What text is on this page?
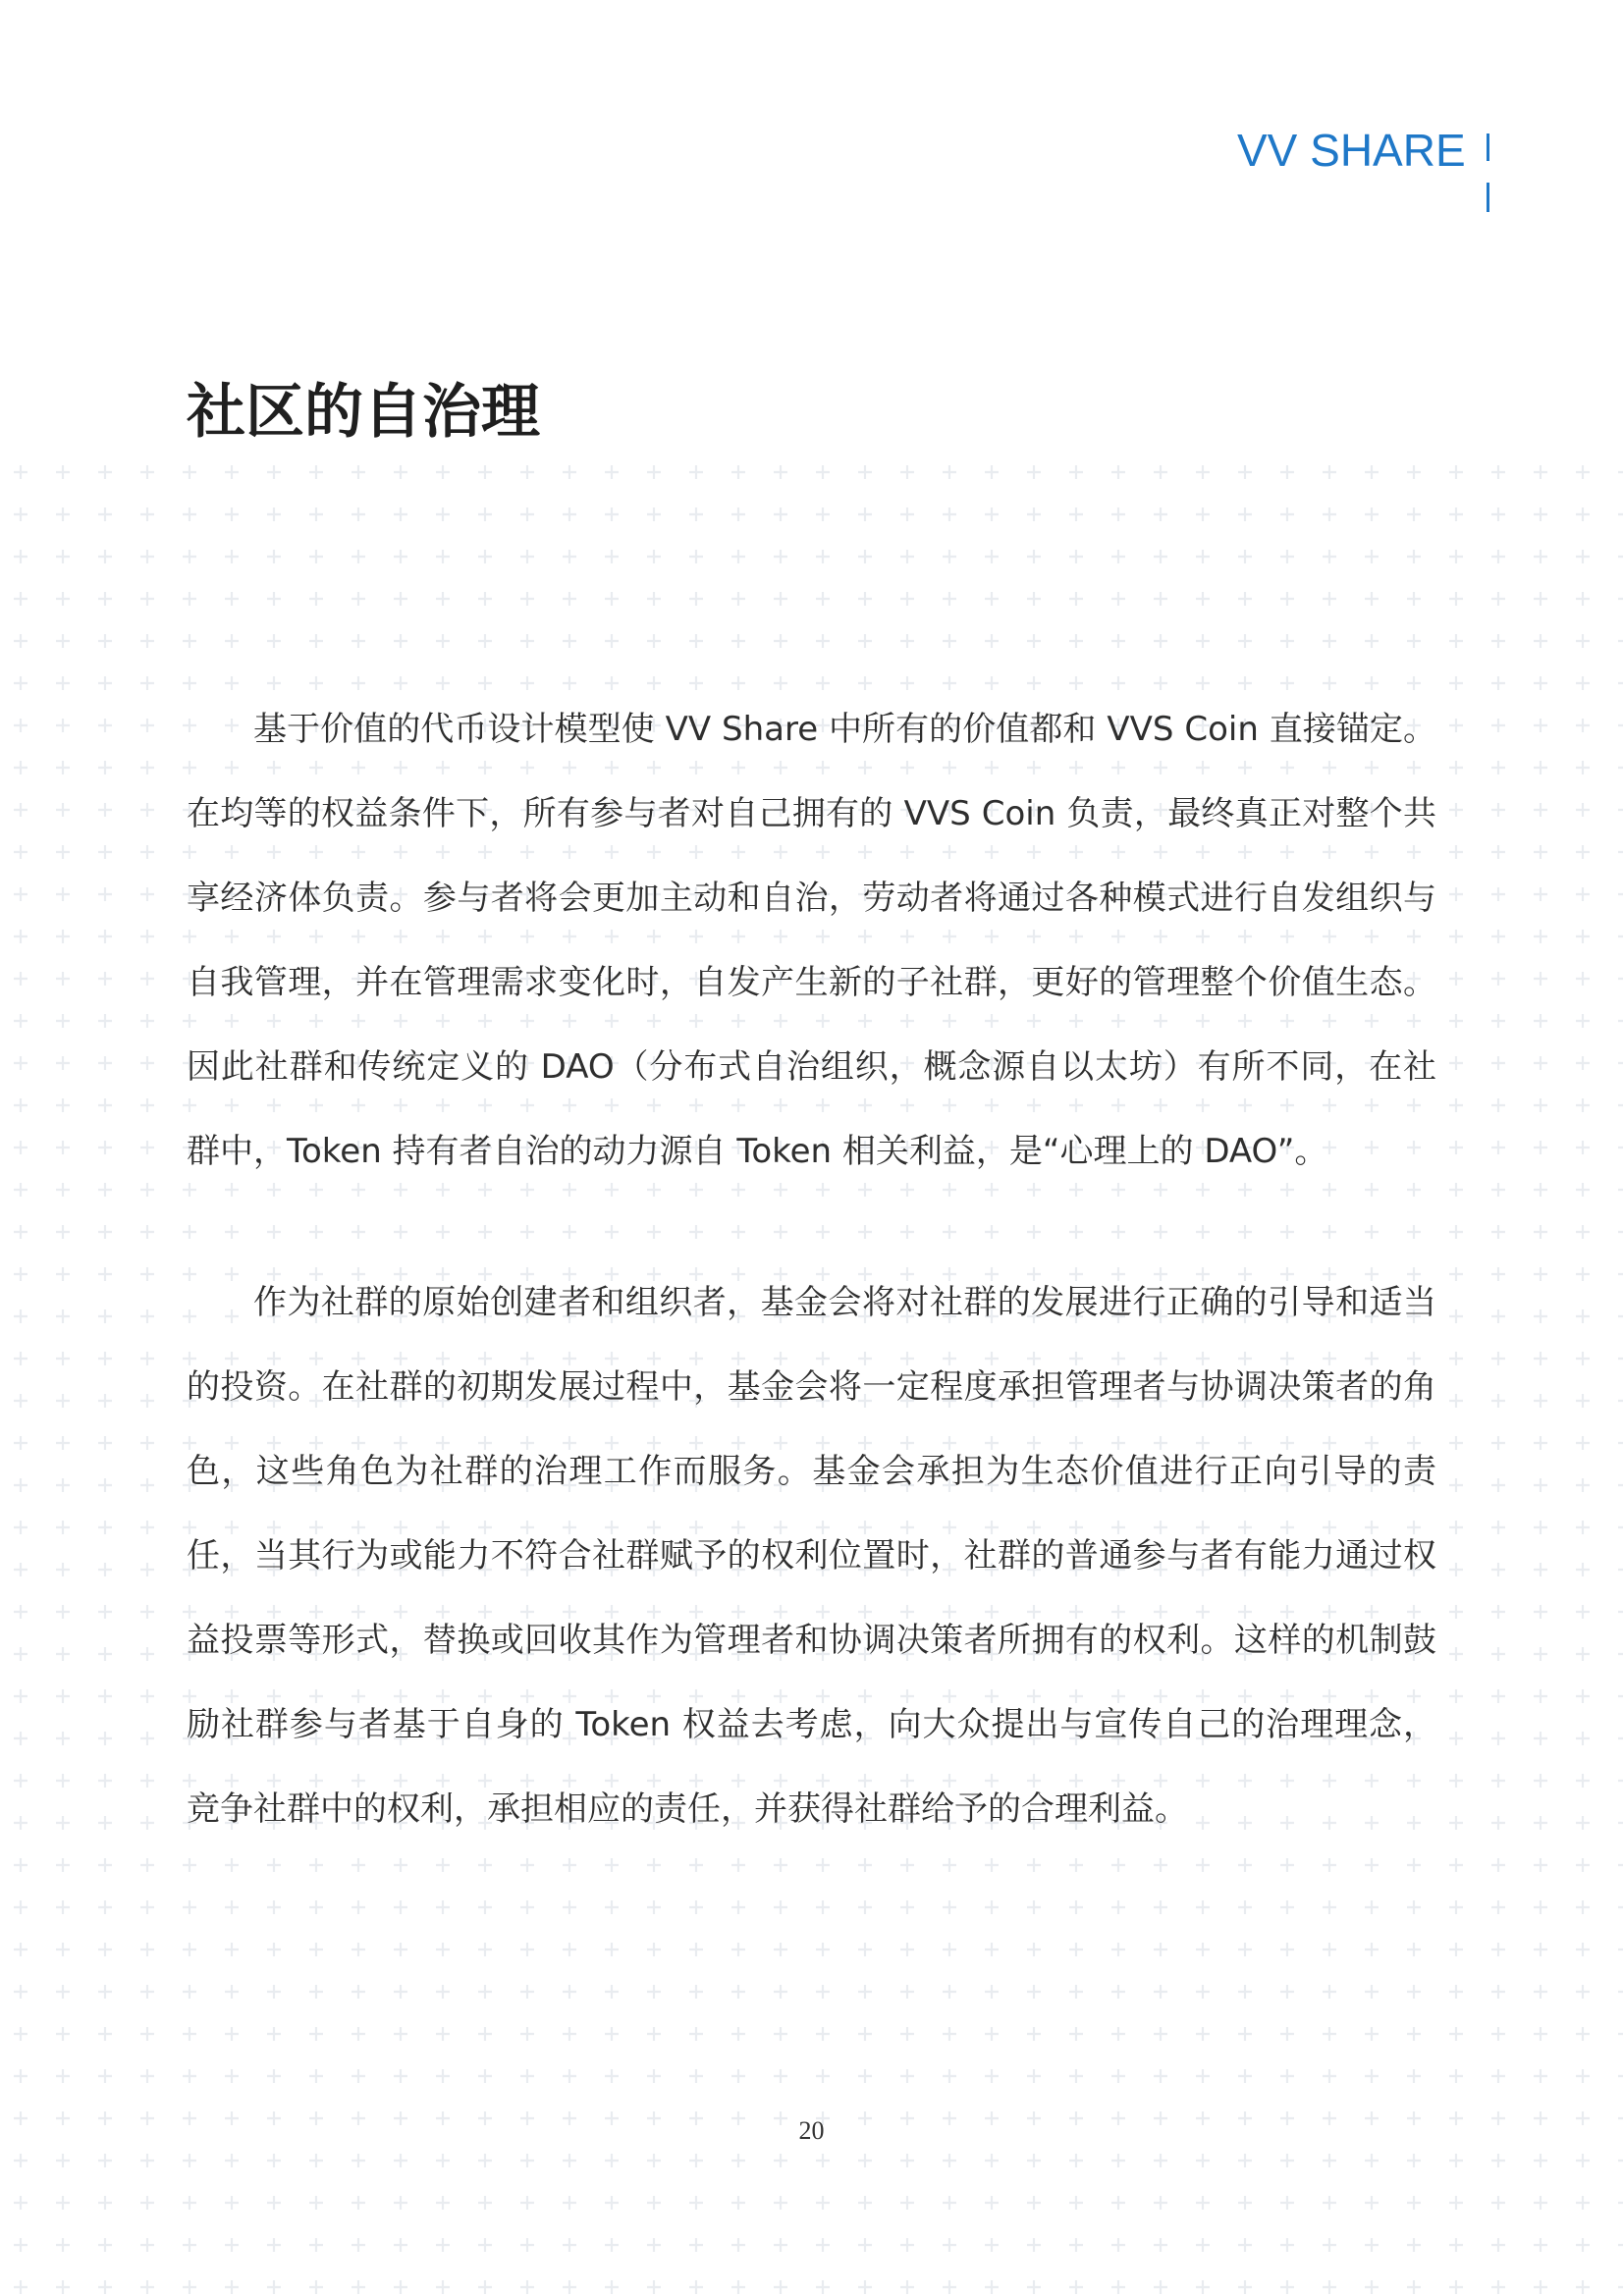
VV SHARE
社区的自治理

基于价值的代币设计模型使 VV Share 中所有的价值都和 VVS Coin 直接锚定。在均等的权益条件下，所有参与者对自己拥有的 VVS Coin 负责，最终真正对整个共享经济体负责。参与者将会更加主动和自治，劳动者将通过各种模式进行自发组织与自我管理，并在管理需求变化时，自发产生新的子社群，更好的管理整个价值生态。因此社群和传统定义的 DAO（分布式自治组织，概念源自以太坊）有所不同，在社群中，Token 持有者自治的动力源自 Token 相关利益，是“心理上的 DAO”。

作为社群的原始创建者和组织者，基金会将对社群的发展进行正确的引导和适当的投资。在社群的初期发展过程中，基金会将一定程度承担管理者与协调决策者的角色，这些角色为社群的治理工作而服务。基金会承担为生态价值进行正向引导的责任，当其行为或能力不符合社群赋予的权利位置时，社群的普通参与者有能力通过权益投票等形式，替换或回收其作为管理者和协调决策者所拥有的权利。这样的机制鼓励社群参与者基于自身的 Token 权益去考虑，向大众提出与宣传自己的治理理念，竞争社群中的权利，承担相应的责任，并获得社群给予的合理利益。

20
